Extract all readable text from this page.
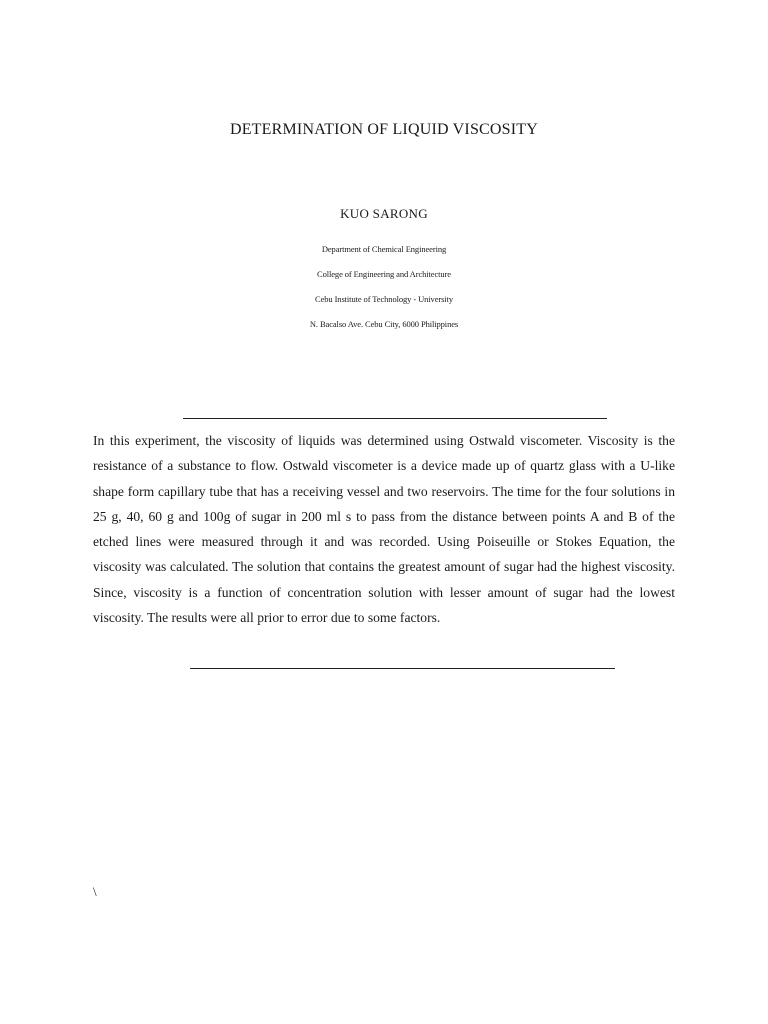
DETERMINATION OF LIQUID VISCOSITY
KUO SARONG
Department of Chemical Engineering
College of Engineering and Architecture
Cebu Institute of Technology - University
N. Bacalso Ave. Cebu City, 6000 Philippines

In this experiment, the viscosity of liquids was determined using Ostwald viscometer. Viscosity is the resistance of a substance to flow. Ostwald viscometer is a device made up of quartz glass with a U-like shape form capillary tube that has a receiving vessel and two reservoirs. The time for the four solutions in 25 g, 40, 60 g and 100g of sugar in 200 ml s to pass from the distance between points A and B of the etched lines were measured through it and was recorded. Using Poiseuille or Stokes Equation, the viscosity was calculated. The solution that contains the greatest amount of sugar had the highest viscosity. Since, viscosity is a function of concentration solution with lesser amount of sugar had the lowest viscosity. The results were all prior to error due to some factors.

\
